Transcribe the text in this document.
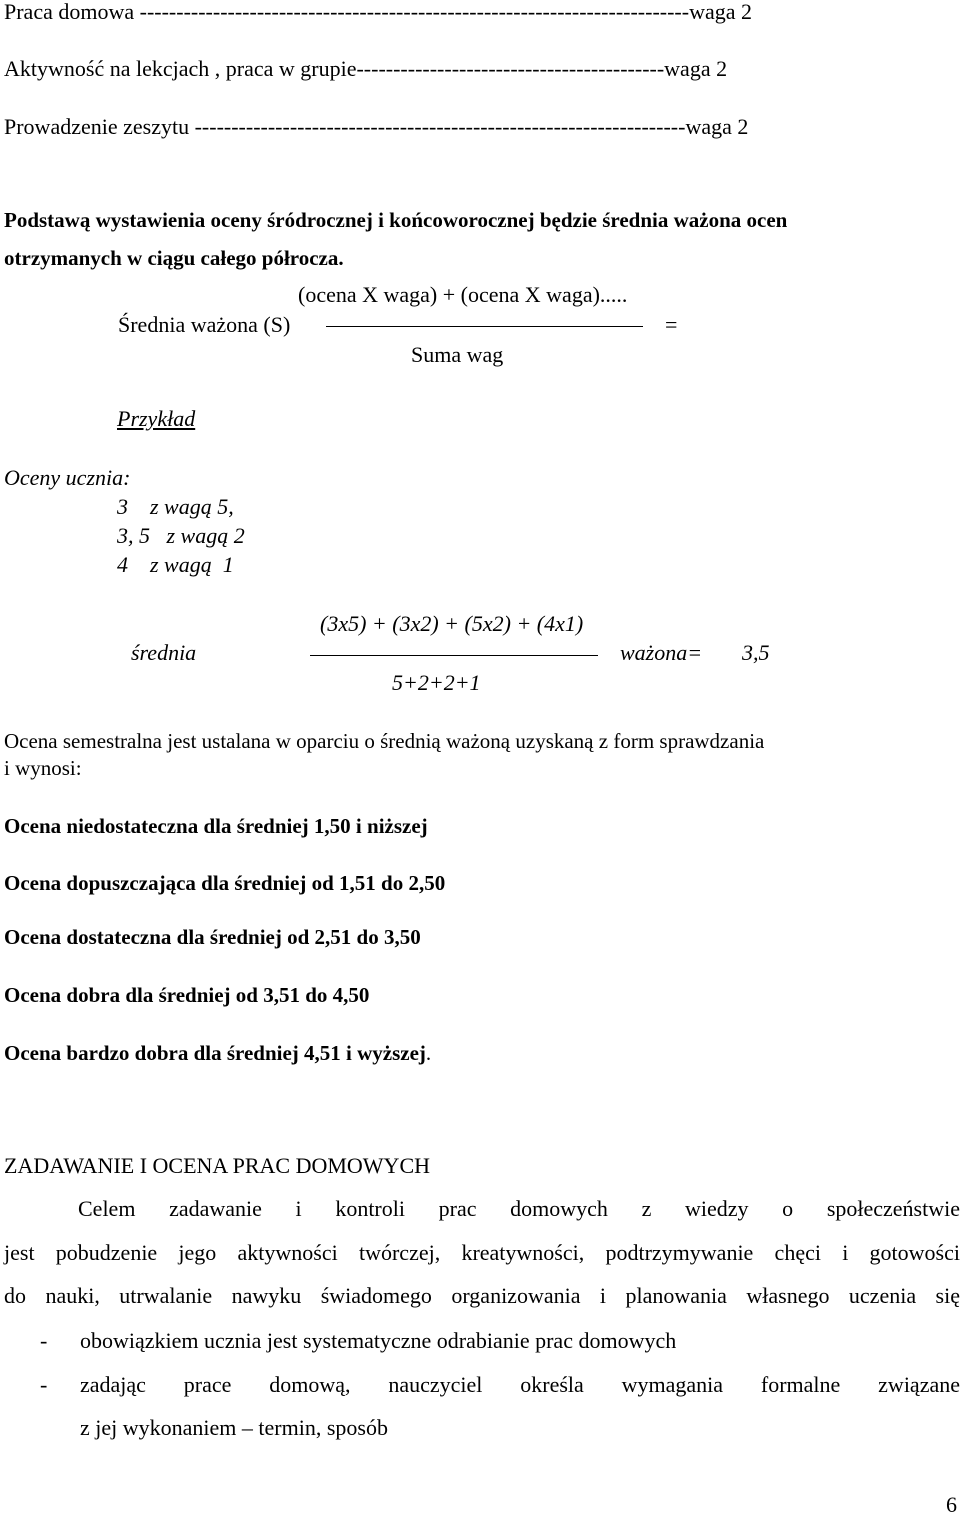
Praca domowa ---------------------------------------------------------------------------waga 2
Aktywność na lekcjach , praca w grupie------------------------------------------waga 2
Prowadzenie zeszytu -------------------------------------------------------------------waga 2
Podstawą wystawienia oceny śródrocznej i końcoworocznej będzie średnia ważona ocen
otrzymanych w ciągu całego półrocza.
(ocena X waga) + (ocena X waga).....
Średnia ważona (S)	=
Suma wag
Przykład
Oceny ucznia:
3    z wagą 5,
3, 5   z wagą 2
4    z wagą  1
(3x5) + (3x2) + (5x2) + (4x1)
średnia	ważona= 3,5
5+2+2+1
Ocena semestralna jest ustalana w oparciu o średnią ważoną uzyskaną z form sprawdzania
i wynosi:
Ocena niedostateczna dla średniej 1,50 i niższej
Ocena dopuszczająca dla średniej od 1,51 do 2,50
Ocena dostateczna dla średniej od 2,51 do 3,50
Ocena dobra dla średniej od 3,51 do 4,50
Ocena bardzo dobra dla średniej 4,51 i wyższej.
ZADAWANIE I OCENA PRAC DOMOWYCH
Celem zadawanie i kontroli prac domowych z wiedzy o społeczeństwie
jest pobudzenie jego aktywności twórczej, kreatywności, podtrzymywanie chęci i gotowości
do nauki, utrwalanie nawyku świadomego organizowania i planowania własnego uczenia się
- obowiązkiem ucznia jest systematyczne odrabianie prac domowych
- zadając prace domową, nauczyciel określa wymagania formalne związane
z jej wykonaniem – termin, sposób
6
